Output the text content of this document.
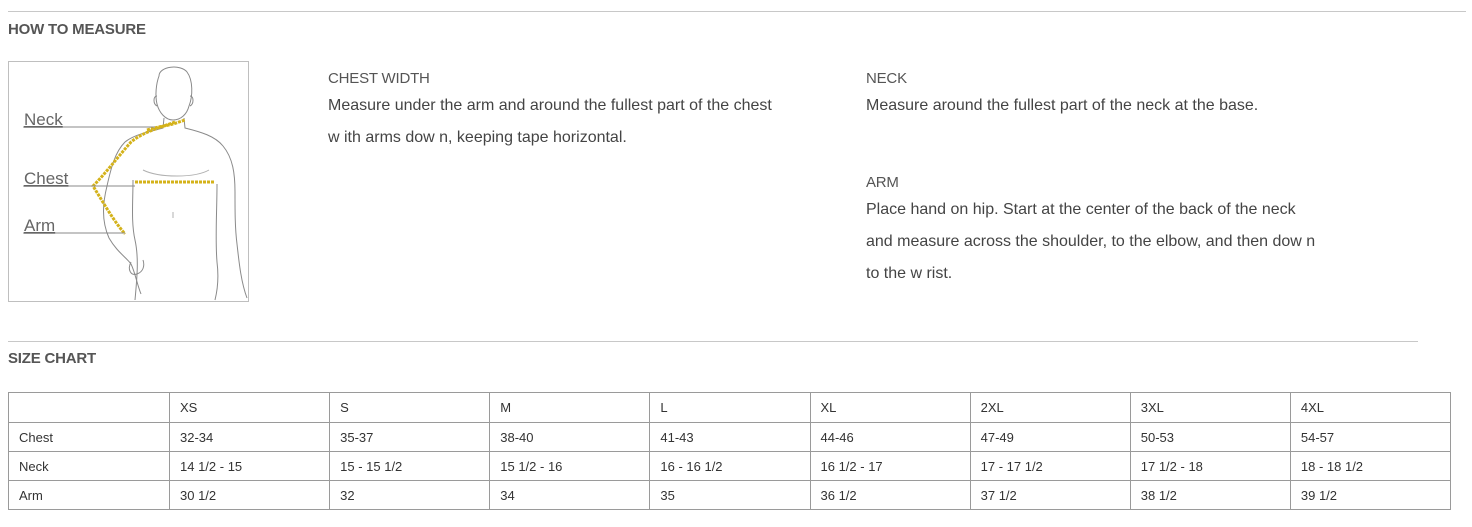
HOW TO MEASURE
Neck
Chest
Arm
CHEST WIDTH
Measure under the arm and around the fullest part of the chest
w ith arms dow n, keeping tape horizontal.
NECK
Measure around the fullest part of the neck at the base.
ARM
Place hand on hip. Start at the center of the back of the neck
and measure across the shoulder, to the elbow, and then dow n
to the w rist.
SIZE CHART
	XS	S	M	L	XL	2XL	3XL	4XL
Chest	32-34	35-37	38-40	41-43	44-46	47-49	50-53	54-57
Neck	14 1/2 - 15	15 - 15 1/2	15 1/2 - 16	16 - 16 1/2	16 1/2 - 17	17 - 17 1/2	17 1/2 - 18	18 - 18 1/2
Arm	30 1/2	32	34	35	36 1/2	37 1/2	38 1/2	39 1/2
